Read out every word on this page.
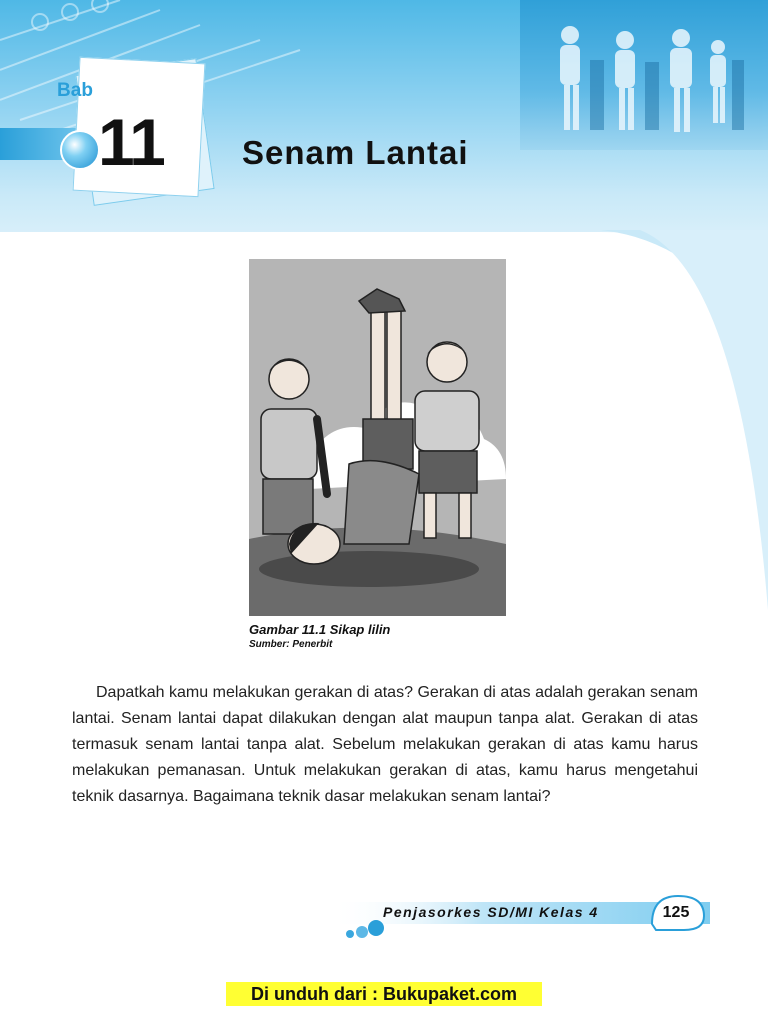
Bab
11 Senam Lantai
Gambar 11.1 Sikap lilin
Sumber: Penerbit

Dapatkah kamu melakukan gerakan di atas? Gerakan di atas adalah gerakan senam lantai. Senam lantai dapat dilakukan dengan alat maupun tanpa alat. Gerakan di atas termasuk senam lantai tanpa alat. Sebelum melakukan gerakan di atas kamu harus melakukan pemanasan. Untuk melakukan gerakan di atas, kamu harus mengetahui teknik dasarnya. Bagaimana teknik dasar melakukan senam lantai?

Penjasorkes SD/MI Kelas 4	125
Di unduh dari : Bukupaket.com
